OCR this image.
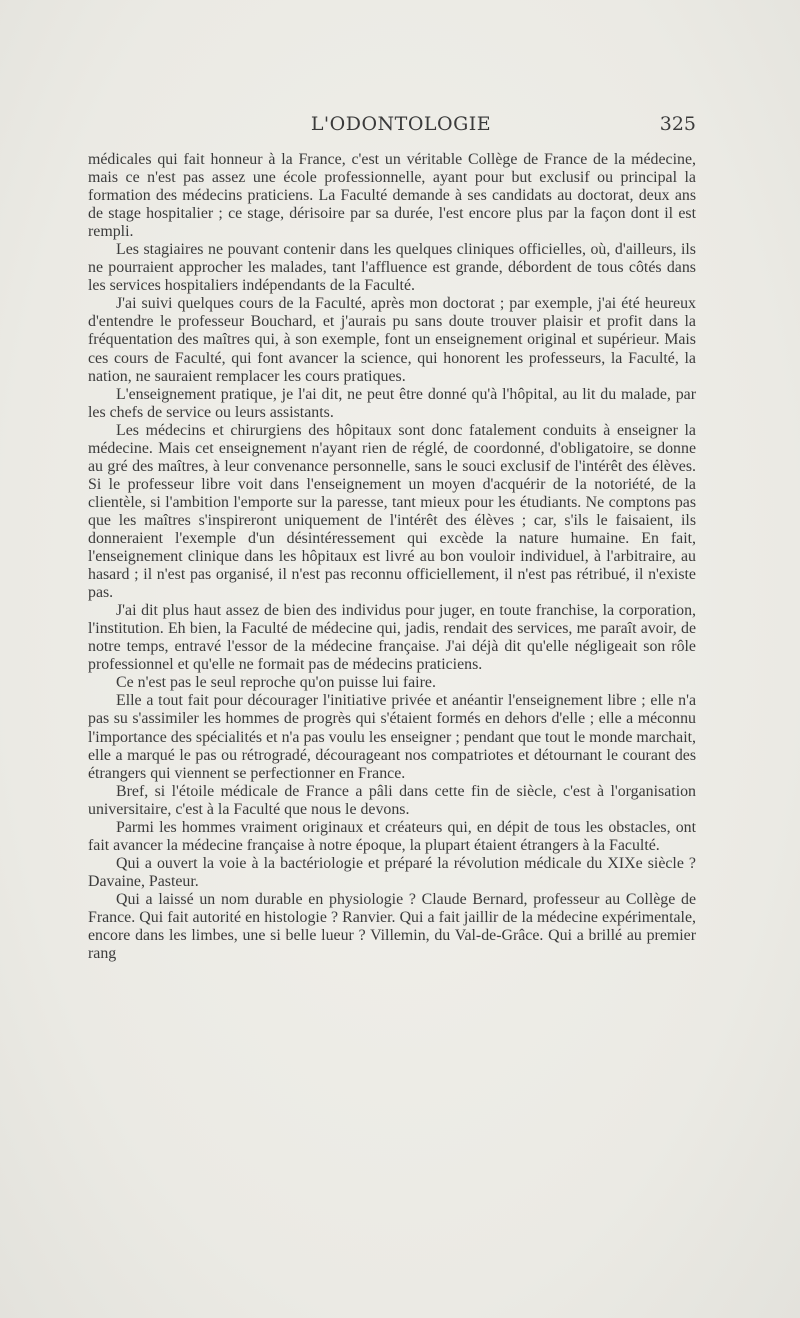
L'ODONTOLOGIE	325

médicales qui fait honneur à la France, c'est un véritable Collège de France de la médecine, mais ce n'est pas assez une école professionnelle, ayant pour but exclusif ou principal la formation des médecins praticiens. La Faculté demande à ses candidats au doctorat, deux ans de stage hospitalier ; ce stage, dérisoire par sa durée, l'est encore plus par la façon dont il est rempli.

Les stagiaires ne pouvant contenir dans les quelques cliniques officielles, où, d'ailleurs, ils ne pourraient approcher les malades, tant l'affluence est grande, débordent de tous côtés dans les services hospitaliers indépendants de la Faculté.

J'ai suivi quelques cours de la Faculté, après mon doctorat ; par exemple, j'ai été heureux d'entendre le professeur Bouchard, et j'aurais pu sans doute trouver plaisir et profit dans la fréquentation des maîtres qui, à son exemple, font un enseignement original et supérieur. Mais ces cours de Faculté, qui font avancer la science, qui honorent les professeurs, la Faculté, la nation, ne sauraient remplacer les cours pratiques.

L'enseignement pratique, je l'ai dit, ne peut être donné qu'à l'hôpital, au lit du malade, par les chefs de service ou leurs assistants.

Les médecins et chirurgiens des hôpitaux sont donc fatalement conduits à enseigner la médecine. Mais cet enseignement n'ayant rien de réglé, de coordonné, d'obligatoire, se donne au gré des maîtres, à leur convenance personnelle, sans le souci exclusif de l'intérêt des élèves. Si le professeur libre voit dans l'enseignement un moyen d'acquérir de la notoriété, de la clientèle, si l'ambition l'emporte sur la paresse, tant mieux pour les étudiants. Ne comptons pas que les maîtres s'inspireront uniquement de l'intérêt des élèves ; car, s'ils le faisaient, ils donneraient l'exemple d'un désintéressement qui excède la nature humaine. En fait, l'enseignement clinique dans les hôpitaux est livré au bon vouloir individuel, à l'arbitraire, au hasard ; il n'est pas organisé, il n'est pas reconnu officiellement, il n'est pas rétribué, il n'existe pas.

J'ai dit plus haut assez de bien des individus pour juger, en toute franchise, la corporation, l'institution. Eh bien, la Faculté de médecine qui, jadis, rendait des services, me paraît avoir, de notre temps, entravé l'essor de la médecine française. J'ai déjà dit qu'elle négligeait son rôle professionnel et qu'elle ne formait pas de médecins praticiens.

Ce n'est pas le seul reproche qu'on puisse lui faire.

Elle a tout fait pour décourager l'initiative privée et anéantir l'enseignement libre ; elle n'a pas su s'assimiler les hommes de progrès qui s'étaient formés en dehors d'elle ; elle a méconnu l'importance des spécialités et n'a pas voulu les enseigner ; pendant que tout le monde marchait, elle a marqué le pas ou rétrogradé, décourageant nos compatriotes et détournant le courant des étrangers qui viennent se perfectionner en France.

Bref, si l'étoile médicale de France a pâli dans cette fin de siècle, c'est à l'organisation universitaire, c'est à la Faculté que nous le devons.

Parmi les hommes vraiment originaux et créateurs qui, en dépit de tous les obstacles, ont fait avancer la médecine française à notre époque, la plupart étaient étrangers à la Faculté.

Qui a ouvert la voie à la bactériologie et préparé la révolution médicale du XIXe siècle ? Davaine, Pasteur.

Qui a laissé un nom durable en physiologie ? Claude Bernard, professeur au Collège de France. Qui fait autorité en histologie ? Ranvier. Qui a fait jaillir de la médecine expérimentale, encore dans les limbes, une si belle lueur ? Villemin, du Val-de-Grâce. Qui a brillé au premier rang
